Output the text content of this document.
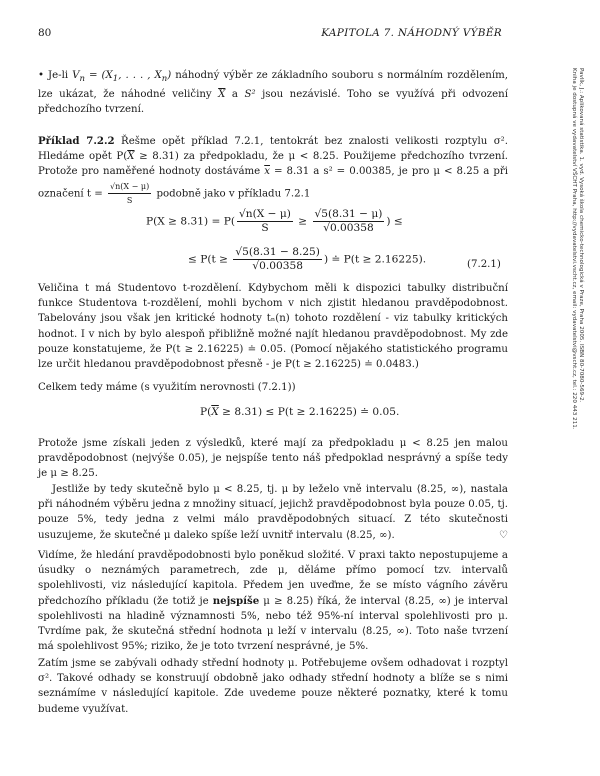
80	KAPITOLA 7. NÁHODNÝ VÝBĚR
Pavlík, J.: Aplikovaná statistika. 1. vyd. Vysoká škola chemicko-technologická v Praze, Praha 2005. ISBN 80-7080-569-2.
Kniha je dostupná ve vydavatelství VŠCHT Praha, http://vydavatelstvi.vscht.cz, email: vydavatelstvi@vscht.cz, tel.: 220 443 211.
• Je-li $V_n = (X_1$, . . . , $X_n$) náhodný výběr ze základního souboru s normálním rozdělením, lze ukázat, že náhodné veličiny $\overline{X}$ a S² jsou nezávislé. Toho se využívá při odvození předchozího tvrzení.
Příklad 7.2.2 Řešme opět příklad 7.2.1, tentokrát bez znalosti velikosti rozptylu σ². Hledáme opět $P(\overline{X} \ge 8.31)$ za předpokladu, že μ < 8.25. Použijeme předchozího tvrzení. Protože pro naměřené hodnoty dostáváme $\overline{x} = 8.31$ a s² = 0.00385, je pro μ < 8.25 a při označení $t = \frac{√n(X - \mu)}{S}$ podobně jako v příkladu 7.2.1
$P(X \ge 8.31) = P( \frac{√n(X - \mu)}{S} \ge \frac{√5(8.31 - \mu)}{√0.00358}$ ) ≤
≤ $P(t \ge \frac{√5(8.31 - 8.25)}{√0.00358}$ ) ≐ P(t ≥ 2.16225).	(7.2.1)
Veličina t má Studentovo t-rozdělení. Kdybychom měli k dispozici tabulky distribuční funkce Studentova t-rozdělení, mohli bychom v nich zjistit hledanou pravděpodobnost. Tabelovány jsou však jen kritické hodnoty tₙ(n) tohoto rozdělení - viz tabulky kritických hodnot. I v nich by bylo alespoň přibližně možné najít hledanou pravděpodobnost. My zde pouze konstatujeme, že P(t ≥ 2.16225) ≐ 0.05. (Pomocí nějakého statistického programu lze určit hledanou pravděpodobnost přesně - je P(t ≥ 2.16225) ≐ 0.0483.)
Celkem tedy máme (s využitím nerovnosti (7.2.1))
$P(\overline{X} \ge 8.31) \le P(t \ge 2.16225)$ ≐ 0.05.
Protože jsme získali jeden z výsledků, které mají za předpokladu μ < 8.25 jen malou pravděpodobnost (nejvýše 0.05), je nejspíše tento náš předpoklad nesprávný a spíše tedy je μ ≥ 8.25.
Jestliže by tedy skutečně bylo μ < 8.25, tj. μ by leželo vně intervalu ⟨8.25, ∞), nastala při náhodném výběru jedna z množiny situací, jejichž pravděpodobnost byla pouze 0.05, tj. pouze 5%, tedy jedna z velmi málo pravděpodobných situací. Z této skutečnosti usuzujeme, že skutečné μ daleko spíše leží uvnitř intervalu ⟨8.25, ∞).	♡
Vidíme, že hledání pravděpodobnosti bylo poněkud složité. V praxi takto nepostupujeme a úsudky o neznámých parametrech, zde μ, děláme přímo pomocí tzv. intervalů spolehlivosti, viz následující kapitola. Předem jen uveďme, že se místo vágního závěru předchozího příkladu (že totiž je nejspíše μ ≥ 8.25) říká, že interval ⟨8.25, ∞) je interval spolehlivosti na hladině významnosti 5%, nebo též 95%-ní interval spolehlivosti pro μ. Tvrdíme pak, že skutečná střední hodnota μ leží v intervalu ⟨8.25, ∞). Toto naše tvrzení má spolehlivost 95%; riziko, že je toto tvrzení nesprávné, je 5%.
Zatím jsme se zabývali odhady střední hodnoty μ. Potřebujeme ovšem odhadovat i rozptyl σ². Takové odhady se konstruují obdobně jako odhady střední hodnoty a blíže se s nimi seznámíme v následující kapitole. Zde uvedeme pouze některé poznatky, které k tomu budeme využívat.
